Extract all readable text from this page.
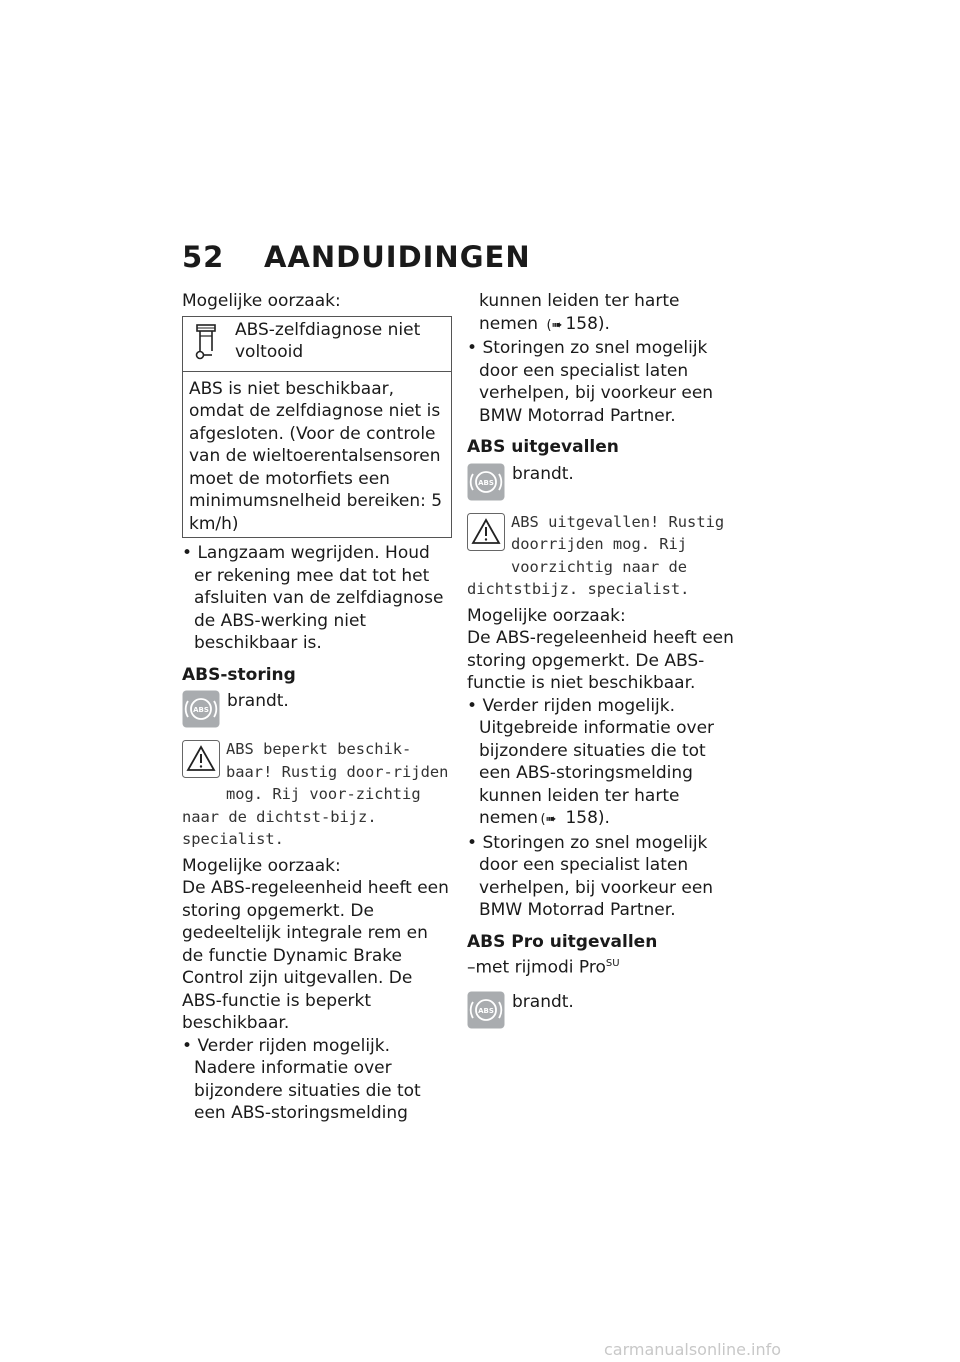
52 AANDUIDINGEN

Mogelijke oorzaak:

ABS-zelfdiagnose niet voltooid
ABS is niet beschikbaar, omdat de zelfdiagnose niet is afgesloten. (Voor de controle van de wieltoerentalsensoren moet de motorfiets een minimumsnelheid bereiken: 5 km/h)

• Langzaam wegrijden. Houd er rekening mee dat tot het afsluiten van de zelfdiagnose de ABS-werking niet beschikbaar is.

ABS-storing

ABS brandt.
ABS beperkt beschik-baar! Rustig door-rijden mog. Rij voor-zichtig naar de dichtst-bijz. specialist.

Mogelijke oorzaak:

De ABS-regeleenheid heeft een storing opgemerkt. De gedeeltelijk integrale rem en de functie Dynamic Brake Control zijn uitgevallen. De ABS-functie is beperkt beschikbaar.

• Verder rijden mogelijk. Nadere informatie over bijzondere situaties die tot een ABS-storingsmelding

kunnen leiden ter harte nemen (➠ 158).

• Storingen zo snel mogelijk door een specialist laten verhelpen, bij voorkeur een BMW Motorrad Partner.

ABS uitgevallen

ABS brandt.
ABS uitgevallen! Rustig doorrijden mog. Rij voorzichtig naar de dichtstbijz. specialist.

Mogelijke oorzaak:

De ABS-regeleenheid heeft een storing opgemerkt. De ABS-functie is niet beschikbaar.

• Verder rijden mogelijk. Uitgebreide informatie over bijzondere situaties die tot een ABS-storingsmelding kunnen leiden ter harte nemen (➠ 158).

• Storingen zo snel mogelijk door een specialist laten verhelpen, bij voorkeur een BMW Motorrad Partner.

ABS Pro uitgevallen

–met rijmodi Pro$^{SU}$

ABS brandt.
carmanualsonline.info
